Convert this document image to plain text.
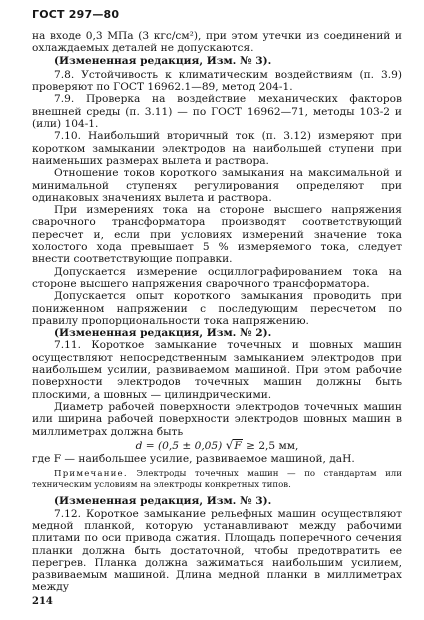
ГОСТ 297—80

на входе 0,3 МПа (3 кгс/см²), при этом утечки из соединений и охлаждаемых деталей не допускаются.

(Измененная редакция, Изм. № 3).

7.8. Устойчивость к климатическим воздействиям (п. 3.9) проверяют по ГОСТ 16962.1—89, метод 204-1.

7.9. Проверка на воздействие механических факторов внешней среды (п. 3.11) — по ГОСТ 16962—71, методы 103-2 и (или) 104-1.

7.10. Наибольший вторичный ток (п. 3.12) измеряют при коротком замыкании электродов на наибольшей ступени при наименьших размерах вылета и раствора.

Отношение токов короткого замыкания на максимальной и минимальной ступенях регулирования определяют при одинаковых значениях вылета и раствора.

При измерениях тока на стороне высшего напряжения сварочного трансформатора производят соответствующий пересчет и, если при условиях измерений значение тока холостого хода превышает 5 % измеряемого тока, следует внести соответствующие поправки.

Допускается измерение осциллографированием тока на стороне высшего напряжения сварочного трансформатора.

Допускается опыт короткого замыкания проводить при пониженном напряжении с последующим пересчетом по правилу пропорциональности тока напряжению.

(Измененная редакция, Изм. № 2).

7.11. Короткое замыкание точечных и шовных машин осуществляют непосредственным замыканием электродов при наибольшем усилии, развиваемом машиной. При этом рабочие поверхности электродов точечных машин должны быть плоскими, а шовных — цилиндрическими.

Диаметр рабочей поверхности электродов точечных машин или ширина рабочей поверхности электродов шовных машин в миллиметрах должна быть

d = (0,5 ± 0,05) √F ≥ 2,5 мм,

где F — наибольшее усилие, развиваемое машиной, даН.

Примечание. Электроды точечных машин — по стандартам или техническим условиям на электроды конкретных типов.

(Измененная редакция, Изм. № 3).

7.12. Короткое замыкание рельефных машин осуществляют медной планкой, которую устанавливают между рабочими плитами по оси привода сжатия. Площадь поперечного сечения планки должна быть достаточной, чтобы предотвратить ее перегрев. Планка должна зажиматься наибольшим усилием, развиваемым машиной. Длина медной планки в миллиметрах между

214
